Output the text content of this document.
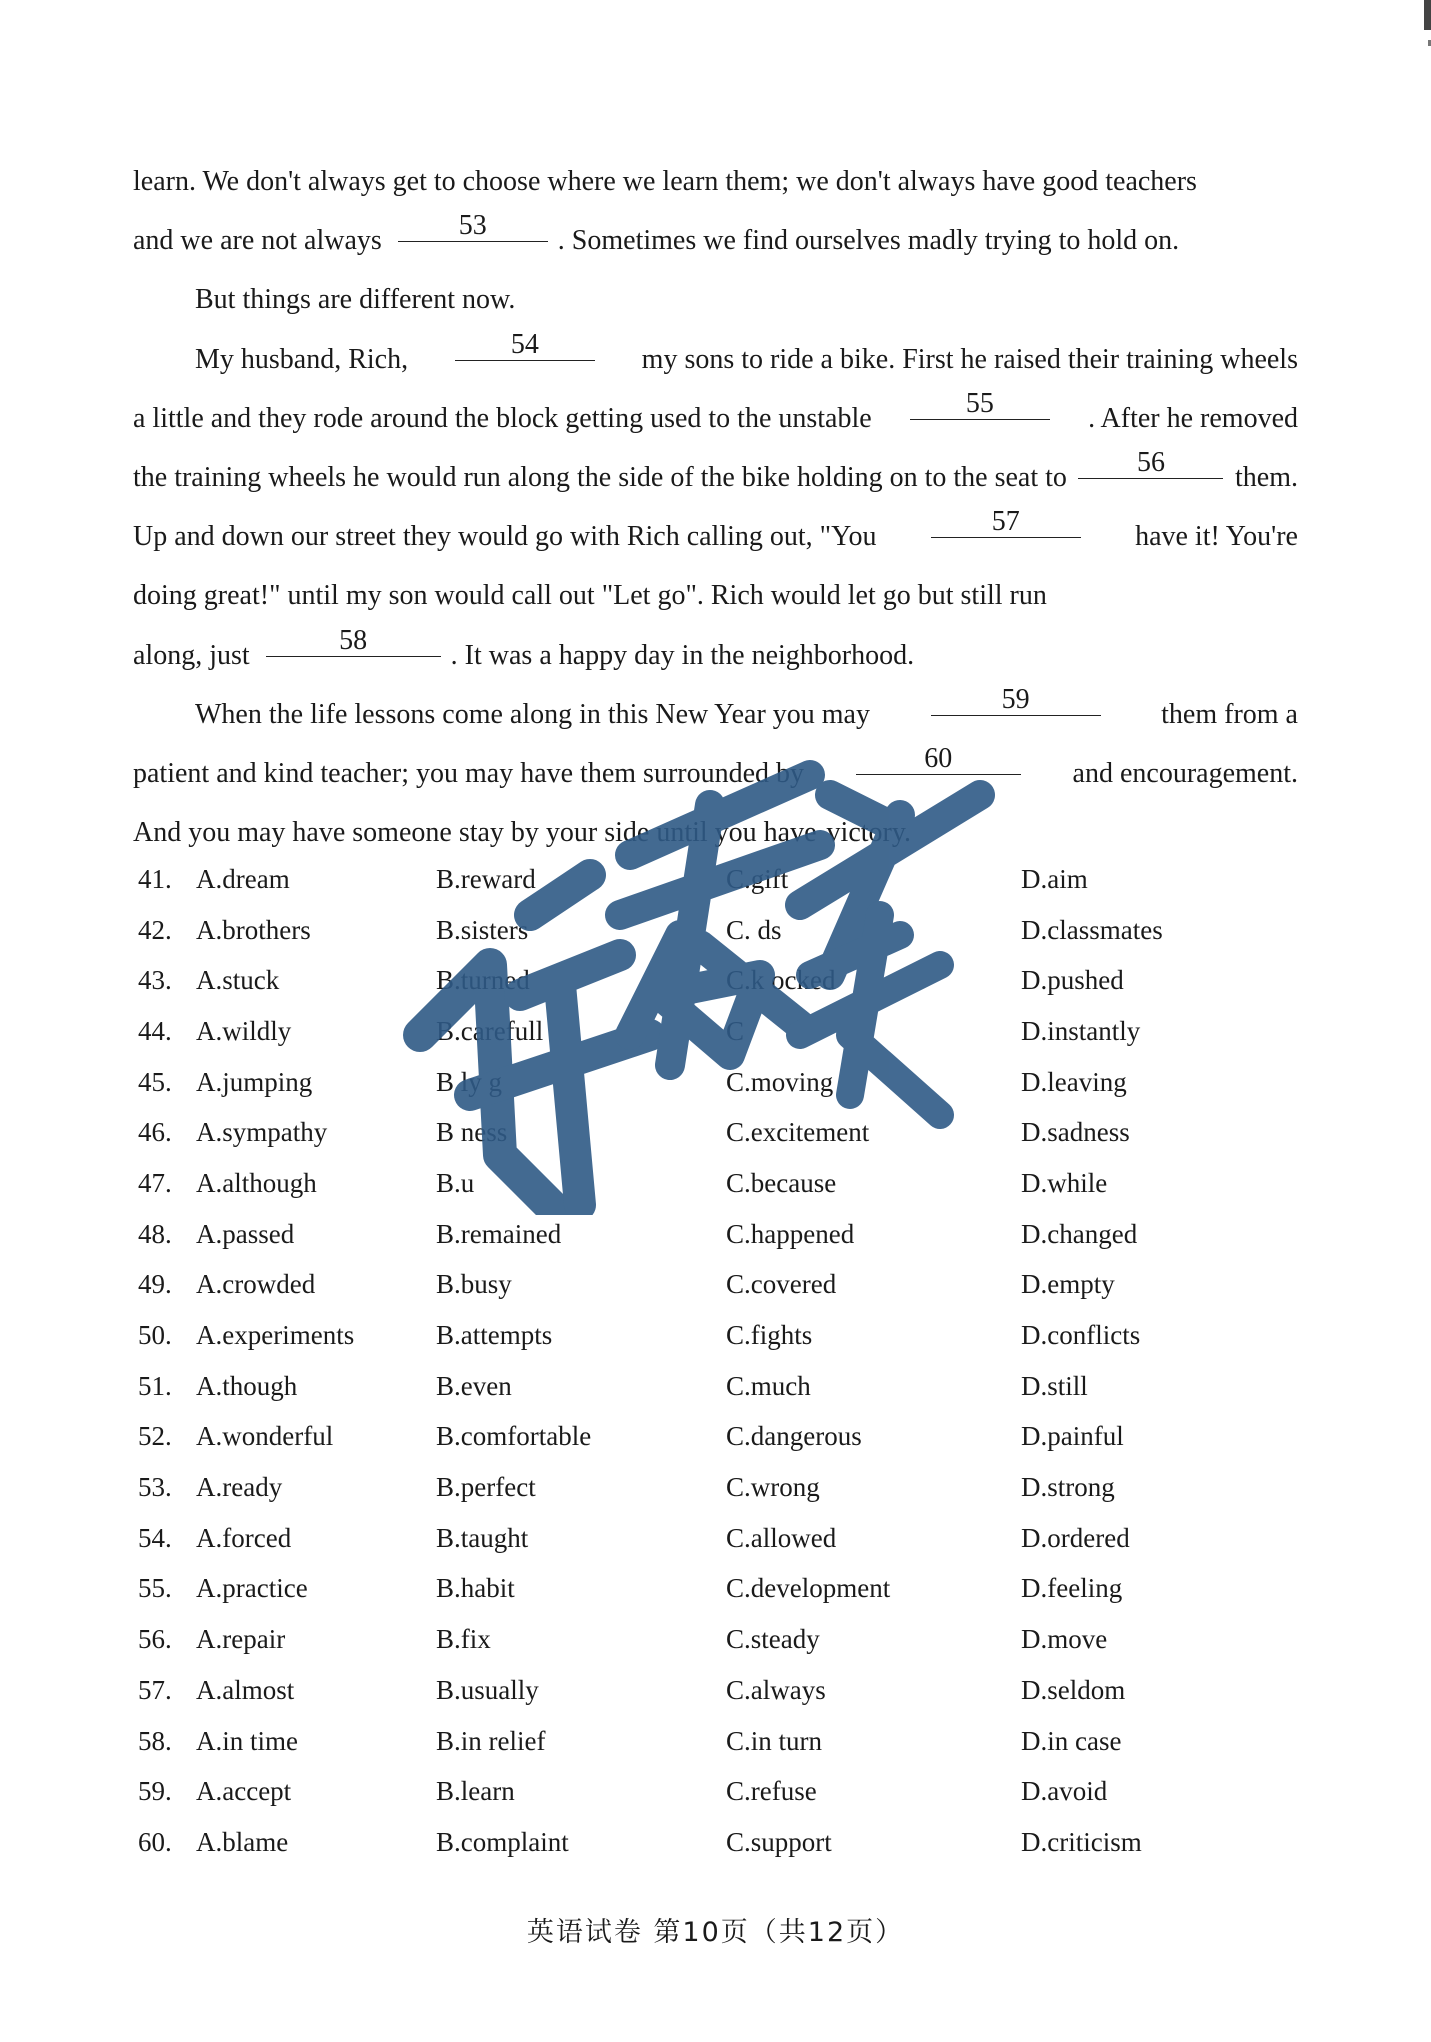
learn. We don't always get to choose where we learn them; we don't always have good teachers
and we are not always	53	. Sometimes we find ourselves madly trying to hold on.
But things are different now.
My husband, Rich,	54	my sons to ride a bike. First he raised their training wheels
a little and they rode around the block getting used to the unstable	55	. After he removed
the training wheels he would run along the side of the bike holding on to the seat to	56	them.
Up and down our street they would go with Rich calling out, "You	57	have it! You're
doing great!" until my son would call out "Let go". Rich would let go but still run
along, just	58	. It was a happy day in the neighborhood.
When the life lessons come along in this New Year you may	59	them from a
patient and kind teacher; you may have them surrounded by	60	and encouragement.
And you may have someone stay by your side until you have victory.
41. A.dream	B.reward	C.gift	D.aim
42. A.brothers	B.sisters	C. ds	D.classmates
43. A.stuck	B.turned	C.k ocked	D.pushed
44. A.wildly	B.carefull	C	D.instantly
45. A.jumping	B ly g	C.moving	D.leaving
46. A.sympathy	B ness	C.excitement	D.sadness
47. A.although	B.u	C.because	D.while
48. A.passed	B.remained	C.happened	D.changed
49. A.crowded	B.busy	C.covered	D.empty
50. A.experiments	B.attempts	C.fights	D.conflicts
51. A.though	B.even	C.much	D.still
52. A.wonderful	B.comfortable	C.dangerous	D.painful
53. A.ready	B.perfect	C.wrong	D.strong
54. A.forced	B.taught	C.allowed	D.ordered
55. A.practice	B.habit	C.development	D.feeling
56. A.repair	B.fix	C.steady	D.move
57. A.almost	B.usually	C.always	D.seldom
58. A.in time	B.in relief	C.in turn	D.in case
59. A.accept	B.learn	C.refuse	D.avoid
60. A.blame	B.complaint	C.support	D.criticism
英语试卷 第10页（共12页）
